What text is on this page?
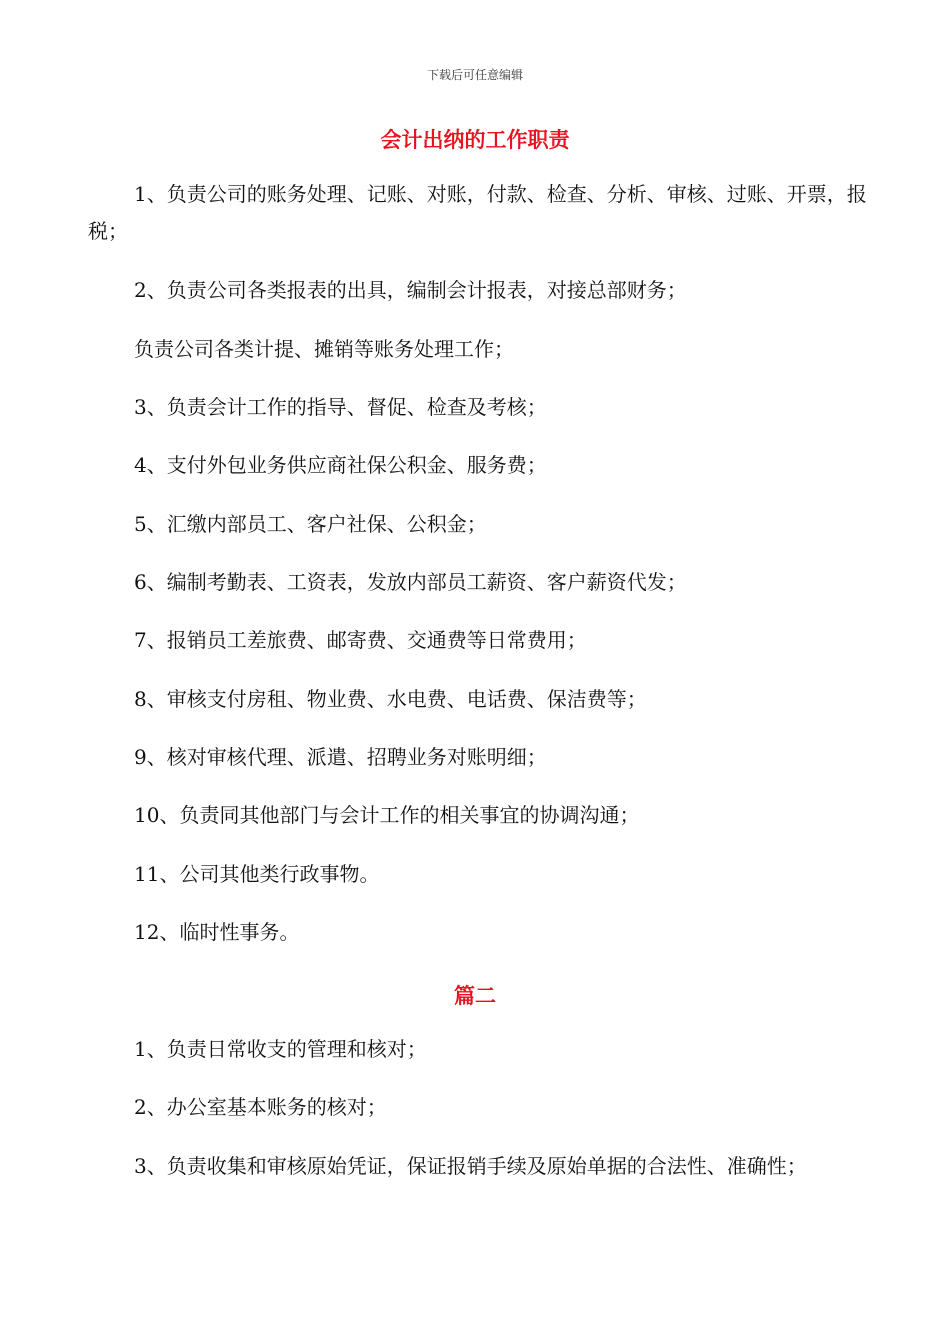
下载后可任意编辑
会计出纳的工作职责
1、负责公司的账务处理、记账、对账，付款、检查、分析、审核、过账、开票，报税；
2、负责公司各类报表的出具，编制会计报表，对接总部财务；
负责公司各类计提、摊销等账务处理工作；
3、负责会计工作的指导、督促、检查及考核；
4、支付外包业务供应商社保公积金、服务费；
5、汇缴内部员工、客户社保、公积金；
6、编制考勤表、工资表，发放内部员工薪资、客户薪资代发；
7、报销员工差旅费、邮寄费、交通费等日常费用；
8、审核支付房租、物业费、水电费、电话费、保洁费等；
9、核对审核代理、派遣、招聘业务对账明细；
10、负责同其他部门与会计工作的相关事宜的协调沟通；
11、公司其他类行政事物。
12、临时性事务。
篇二
1、负责日常收支的管理和核对；
2、办公室基本账务的核对；
3、负责收集和审核原始凭证，保证报销手续及原始单据的合法性、准确性；
